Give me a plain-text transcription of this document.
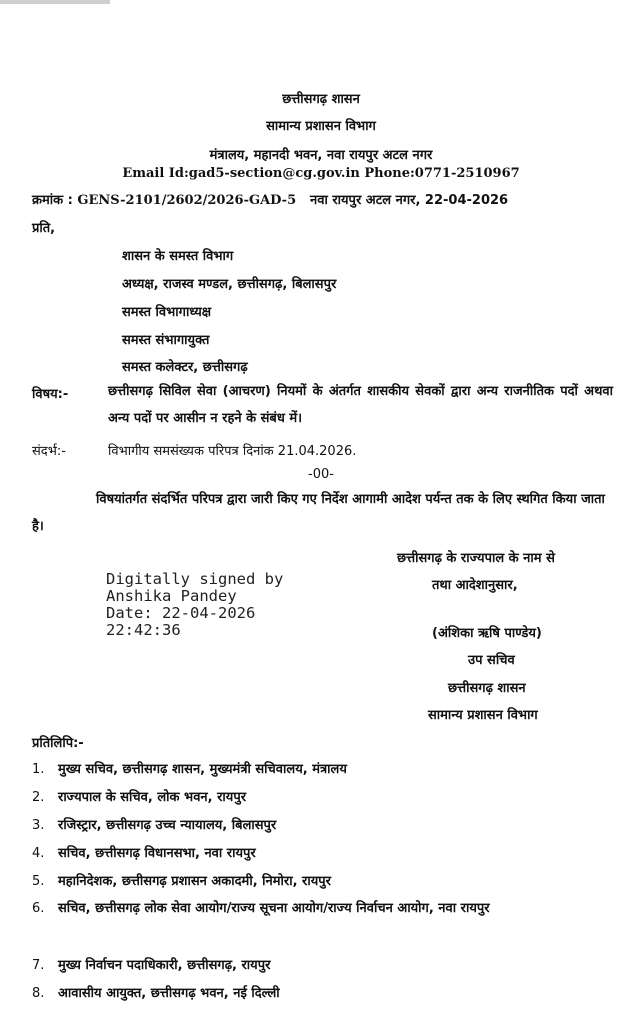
छत्तीसगढ़ शासन
सामान्य प्रशासन विभाग
मंत्रालय, महानदी भवन, नवा रायपुर अटल नगर
Email Id:gad5-section@cg.gov.in Phone:0771-2510967
क्रमांक : GENS-2101/2602/2026-GAD-5 नवा रायपुर अटल नगर, 22-04-2026
प्रति,
शासन के समस्त विभाग
अध्यक्ष, राजस्व मण्डल, छत्तीसगढ़, बिलासपुर
समस्त विभागाध्यक्ष
समस्त संभागायुक्त
समस्त कलेक्टर, छत्तीसगढ़
विषय:-	छत्तीसगढ़ सिविल सेवा (आचरण) नियमों के अंतर्गत शासकीय सेवकों द्वारा अन्य राजनीतिक पदों अथवा अन्य पदों पर आसीन न रहने के संबंध में।
संदर्भ:-	विभागीय समसंख्यक परिपत्र दिनांक 21.04.2026.
-00-
विषयांतर्गत संदर्भित परिपत्र द्वारा जारी किए गए निर्देश आगामी आदेश पर्यन्त तक के लिए स्थगित किया जाता है।
छत्तीसगढ़ के राज्यपाल के नाम से
तथा आदेशानुसार,
Digitally signed by
Anshika Pandey
Date: 22-04-2026
22:42:36	(अंशिका ऋषि पाण्डेय)
उप सचिव
छत्तीसगढ़ शासन
सामान्य प्रशासन विभाग
प्रतिलिपि:-
1.	मुख्य सचिव, छत्तीसगढ़ शासन, मुख्यमंत्री सचिवालय, मंत्रालय
2.	राज्यपाल के सचिव, लोक भवन, रायपुर
3.	रजिस्ट्रार, छत्तीसगढ़ उच्च न्यायालय, बिलासपुर
4.	सचिव, छत्तीसगढ़ विधानसभा, नवा रायपुर
5.	महानिदेशक, छत्तीसगढ़ प्रशासन अकादमी, निमोरा, रायपुर
6.	सचिव, छत्तीसगढ़ लोक सेवा आयोग/राज्य सूचना आयोग/राज्य निर्वाचन आयोग, नवा रायपुर
7.	मुख्य निर्वाचन पदाधिकारी, छत्तीसगढ़, रायपुर
8.	आवासीय आयुक्त, छत्तीसगढ़ भवन, नई दिल्ली
